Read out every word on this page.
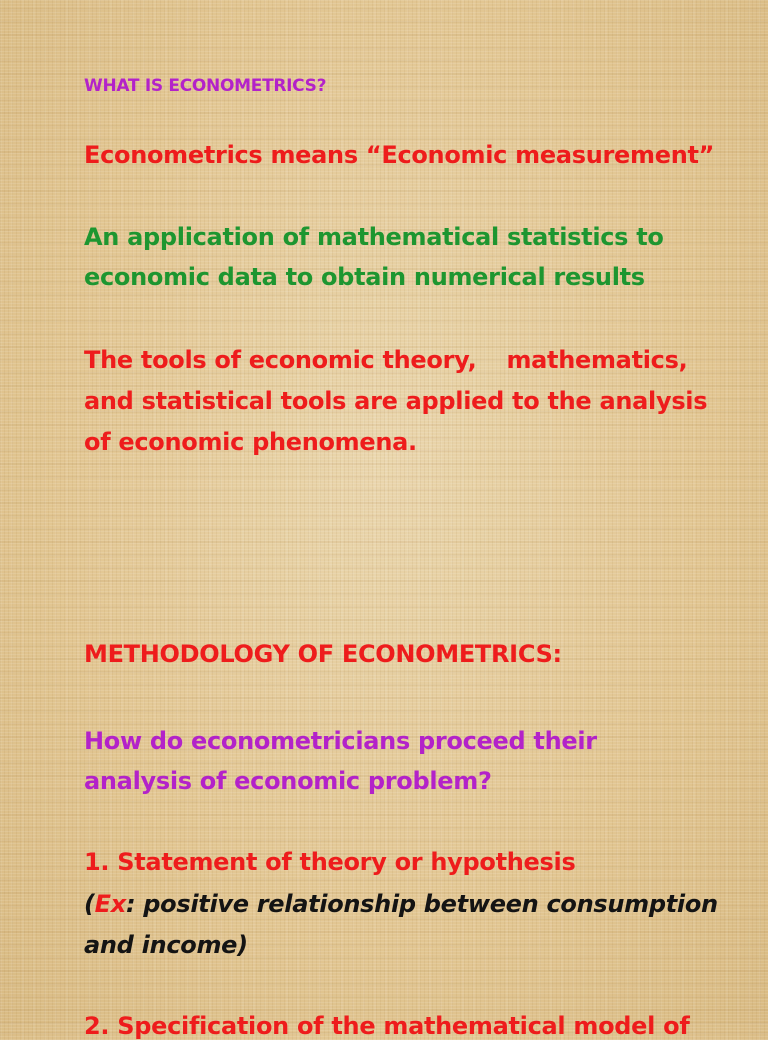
WHAT IS ECONOMETRICS?

Econometrics means “Economic measurement”

An application of mathematical statistics to

economic data to obtain numerical results

The tools of economic theory, mathematics,

and statistical tools are applied to the analysis

of economic phenomena.

METHODOLOGY OF ECONOMETRICS:

How do econometricians proceed their

analysis of economic problem?

1. Statement of theory or hypothesis

(Ex: positive relationship between consumption

and income)

2. Specification of the mathematical model of
